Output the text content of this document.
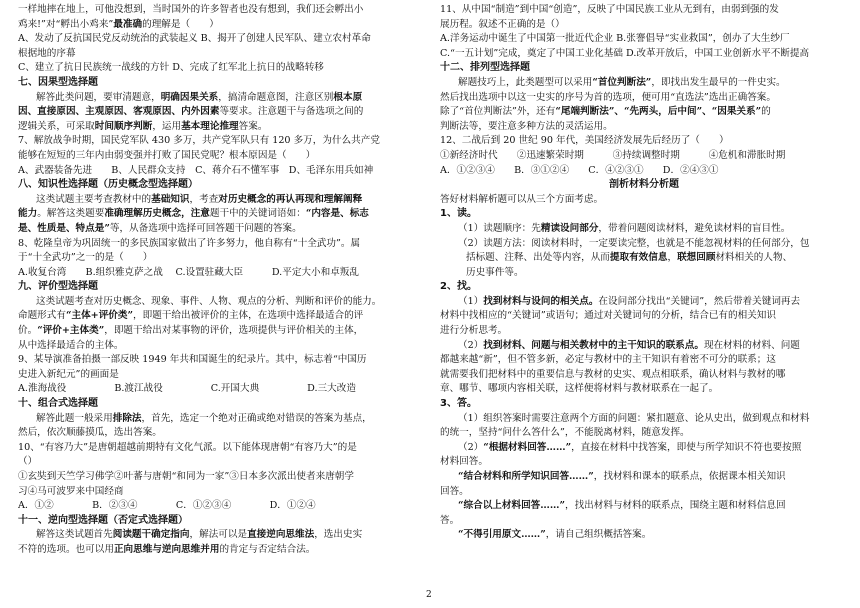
一样地摔在地上，可他没想到，当时国外的许多智者也没有想到，我们还会孵出小
鸡来!”对“孵出小鸡来”最准确的理解是（　　）
A、发动了反抗国民党反动统治的武装起义 B、揭开了创建人民军队、建立农村革命
根据地的序幕
C、建立了抗日民族统一战线的方针 D、完成了红军北上抗日的战略转移
七、因果型选择题
解答此类问题，要审清题意，明确因果关系，搞清命题意图，注意区别根本原
因、直接原因、主观原因、客观原因、内外因素等要求。注意题干与备选项之间的
逻辑关系，可采取时间顺序判断，运用基本理论推理答案。
7、解放战争时期，国民党军队 430 多万，共产党军队只有 120 多万，为什么共产党
能够在短短的三年内由弱变强并打败了国民党呢？根本原因是（　　）
A、武器装备先进　　B、人民群众支持　C、蒋介石不懂军事　D、毛泽东用兵如神
八、知识性选择题（历史概念型选择题）
这类试题主要考查教材中的基础知识，考查对历史概念的再认再现和理解阐释
能力。解答这类题要准确理解历史概念，注意题干中的关键词语如：“内容是、标志
是、性质是、特点是”等，从备选项中选择可回答题干问题的答案。
8、乾隆皇帝为巩固统一的多民族国家做出了许多努力，他自称有“十全武功”。属
于“十全武功”之一的是（　　）
A.收复台湾　　B.组织雅克萨之战　 C.设置驻藏大臣　　　D.平定大小和卓叛乱
九、评价型选择题
这类试题考查对历史概念、现象、事件、人物、观点的分析、判断和评价的能力。
命题形式有“主体+评价类”，即题干给出被评价的主体，在选项中选择最适合的评
价。“评价+主体类”，即题干给出对某事物的评价，选项提供与评价相关的主体，
从中选择最适合的主体。
9、某导演准备拍摄一部反映 1949 年共和国诞生的纪录片。其中，标志着“中国历
史进入新纪元”的画面是
A.淮海战役　　　　　B.渡江战役　　　　　C.开国大典　　　　　D.三大改造
十、组合式选择题
解答此题一般采用排除法，首先，选定一个绝对正确或绝对错误的答案为基点，
然后，依次顺藤摸瓜，选出答案。
10、“有容乃大”是唐朝超越前期特有文化气派。以下能体现唐朝“有容乃大”的是
（）
①玄奘到天竺学习佛学②叶蕃与唐朝“和同为一家”③日本多次派出使者来唐朝学
习④马可波罗来中国经商
A．①②　　　　B．②③④　　　　C．①②③④　　　　D．①②④
十一、逆向型选择题（否定式选择题）
解答这类试题首先阅读题干确定指向，解法可以是直接逆向思维法，选出史实
不符的选项。也可以用正向思维与逆向思维并用的肯定与否定结合法。
11、从中国“制造”到中国“创造”，反映了中国民族工业从无到有，由弱到强的发
展历程。叙述不正确的是（）
A.洋务运动中诞生了中国第一批近代企业 B.张謇倡导“实业救国”，创办了大生纱厂
C.“一五计划”完成，奠定了中国工业化基础 D.改革开放后，中国工业创新水平不断提高
十二、排列型选择题
解题技巧上，此类题型可以采用“首位判断法”，即找出发生最早的一件史实。
然后找出选项中以这一史实的序号为首的选项，便可用“直选法”选出正确答案。
除了“首位判断法”外，还有“尾端判断法”、“先两头，后中间”、“因果关系”的
判断法等，要注意多种方法的灵活运用。
12、二战后到 20 世纪 90 年代，美国经济发展先后经历了（　　）
①新经济时代　　②迅速繁荣时期　　　③持续调整时期　　　④危机和滞胀时期
A．①②③④　　B．③①②④　　C．④②③①　　D．②④③①
剖析材料分析题
答好材料解析题可以从三个方面考虑。
1、读。
（1）读题顺序：先精读设问部分，带着问题阅读材料，避免读材料的盲目性。
（2）读题方法：阅读材料时，一定要读完整，也就是不能忽视材料的任何部分，包
括标题、注释、出处等内容，从而提取有效信息，联想回顾材料相关的人物、
历史事件等。
2、找。
（1）找到材料与设问的相关点。在设问部分找出“关键词”，然后带着关键词再去
材料中找相应的“关键词”或语句；通过对关键词句的分析，结合已有的相关知识
进行分析思考。
（2）找到材料、问题与相关教材中的主干知识的联系点。现在材料的材料、问题
都越来越“新”，但不管多新，必定与教材中的主干知识有着密不可分的联系；这
就需要我们把材料中的重要信息与教材的史实、观点相联系，确认材料与教材的哪
章、哪节、哪项内容相关联，这样便将材料与教材联系在一起了。
3、答。
（1）组织答案时需要注意两个方面的问题：紧扣题意、论从史出，做到观点和材料
的统一，坚持“问什么答什么”，不能脱离材料，随意发挥。
（2）“根据材料回答……”，直接在材料中找答案，即使与所学知识不符也要按照
材料回答。
“结合材料和所学知识回答……”，找材料和课本的联系点，依据课本相关知识
回答。
“综合以上材料回答……”，找出材料与材料的联系点，围绕主题和材料信息回
答。
“不得引用原文……”，请自己组织概括答案。
2
